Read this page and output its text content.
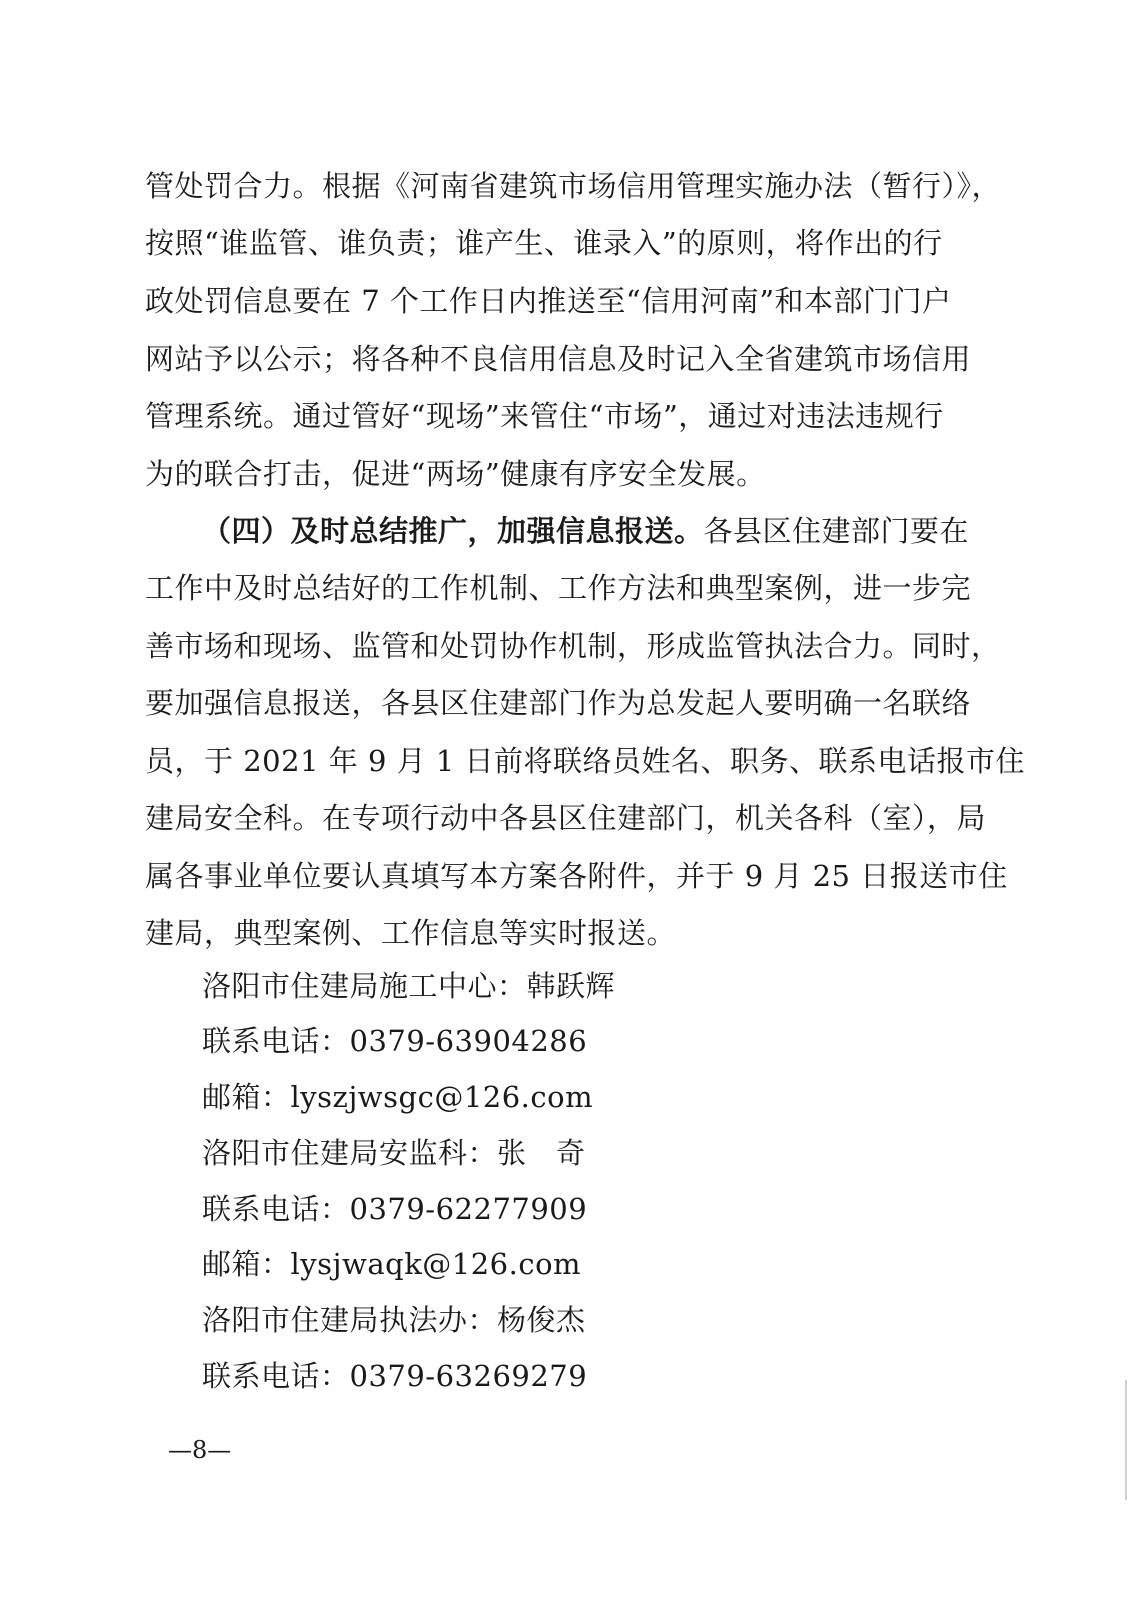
管处罚合力。根据《河南省建筑市场信用管理实施办法（暂行）》，
按照“谁监管、谁负责；谁产生、谁录入”的原则，将作出的行
政处罚信息要在 7 个工作日内推送至“信用河南”和本部门门户
网站予以公示；将各种不良信用信息及时记入全省建筑市场信用
管理系统。通过管好“现场”来管住“市场”，通过对违法违规行
为的联合打击，促进“两场”健康有序安全发展。
（四）及时总结推广，加强信息报送。各县区住建部门要在
工作中及时总结好的工作机制、工作方法和典型案例，进一步完
善市场和现场、监管和处罚协作机制，形成监管执法合力。同时，
要加强信息报送，各县区住建部门作为总发起人要明确一名联络
员，于 2021 年 9 月 1 日前将联络员姓名、职务、联系电话报市住
建局安全科。在专项行动中各县区住建部门，机关各科（室），局
属各事业单位要认真填写本方案各附件，并于 9 月 25 日报送市住
建局，典型案例、工作信息等实时报送。
洛阳市住建局施工中心：韩跃辉
联系电话：0379-63904286
邮箱：lyszjwsgc@126.com
洛阳市住建局安监科：张　奇
联系电话：0379-62277909
邮箱：lysjwaqk@126.com
洛阳市住建局执法办：杨俊杰
联系电话：0379-63269279
—8—
